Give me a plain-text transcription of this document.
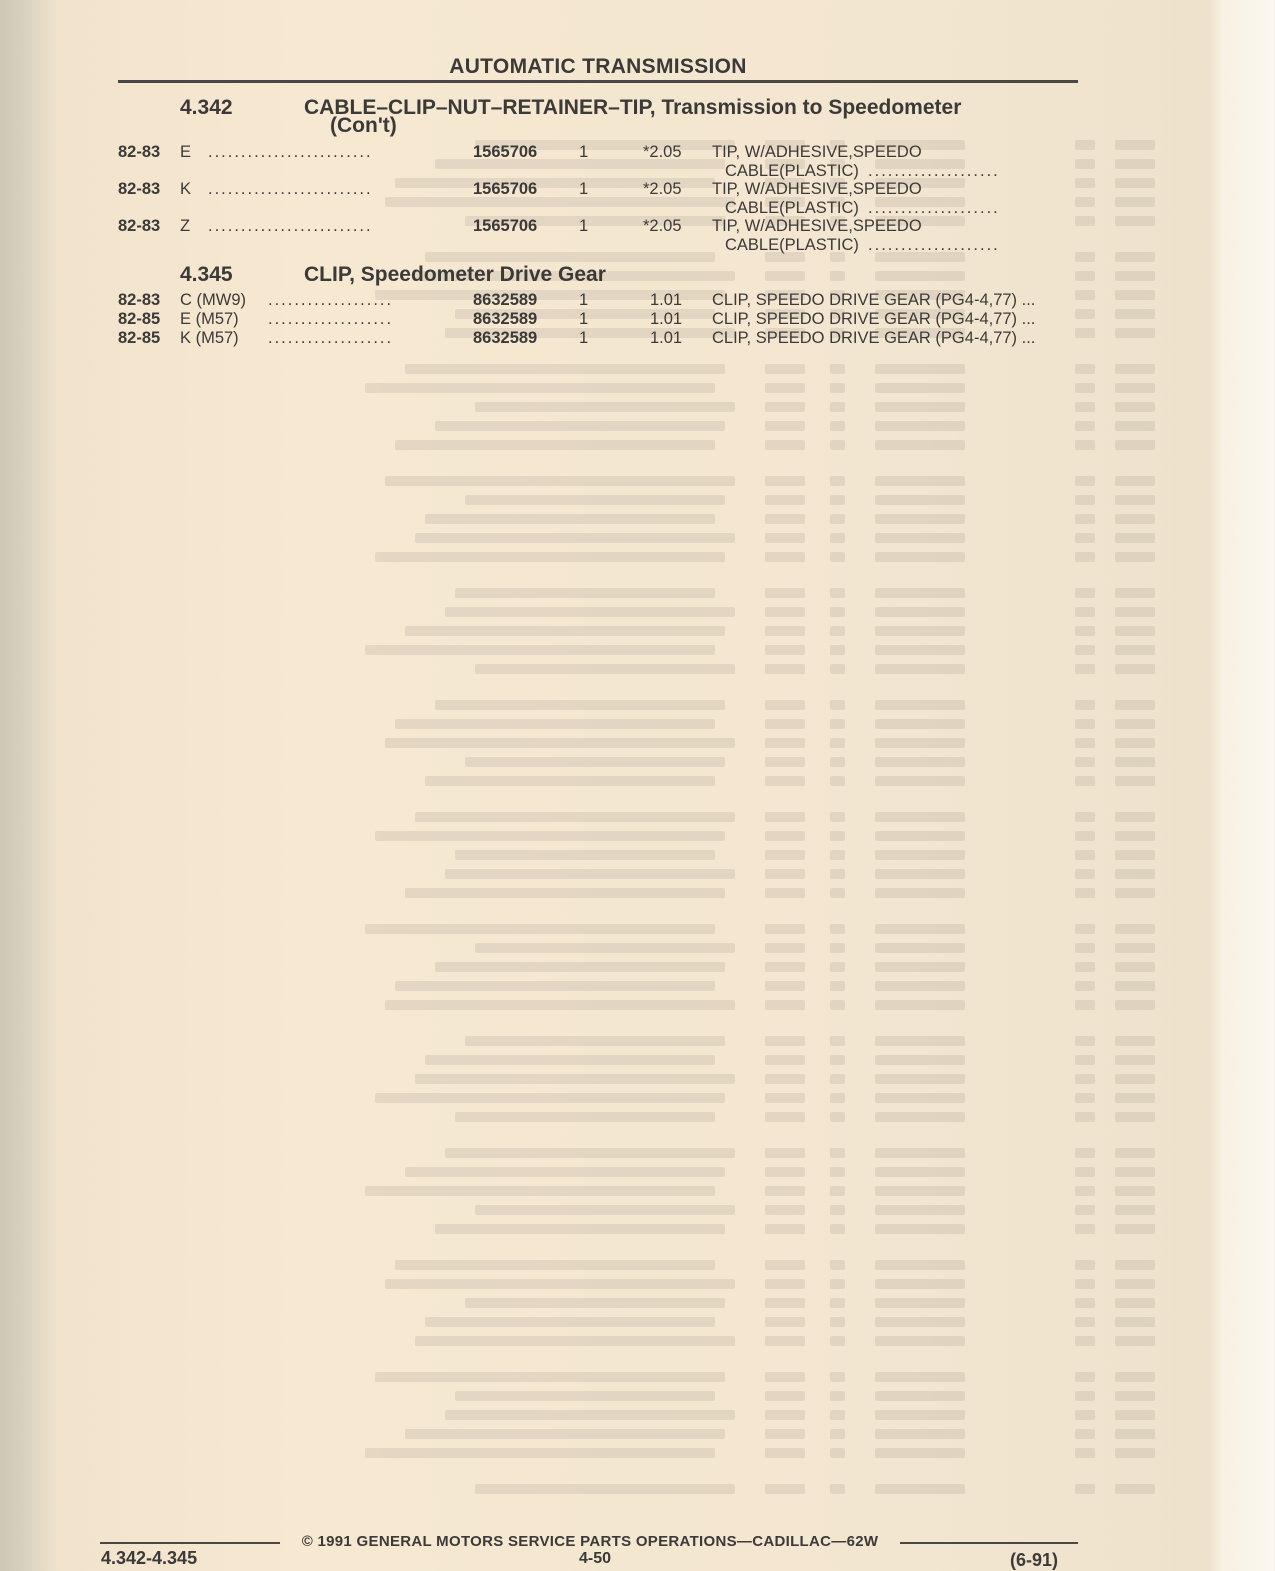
AUTOMATIC TRANSMISSION
4.342	CABLE–CLIP–NUT–RETAINER–TIP, Transmission to Speedometer
(Con't)
82-83 E .........................	1565706	1	*2.05 TIP, W/ADHESIVE,SPEEDO
CABLE(PLASTIC) ....................
82-83 K .........................	1565706	1	*2.05 TIP, W/ADHESIVE,SPEEDO
CABLE(PLASTIC) ....................
82-83 Z .........................	1565706	1	*2.05 TIP, W/ADHESIVE,SPEEDO
CABLE(PLASTIC) ....................
4.345	CLIP, Speedometer Drive Gear
82-83 C (MW9) ...................	8632589	1	1.01 CLIP, SPEEDO DRIVE GEAR (PG4-4,77) ...
82-85 E (M57) ...................	8632589	1	1.01 CLIP, SPEEDO DRIVE GEAR (PG4-4,77) ...
82-85 K (M57) ...................	8632589	1	1.01 CLIP, SPEEDO DRIVE GEAR (PG4-4,77) ...
© 1991 GENERAL MOTORS SERVICE PARTS OPERATIONS—CADILLAC—62W
4.342-4.345	4-50	(6-91)
